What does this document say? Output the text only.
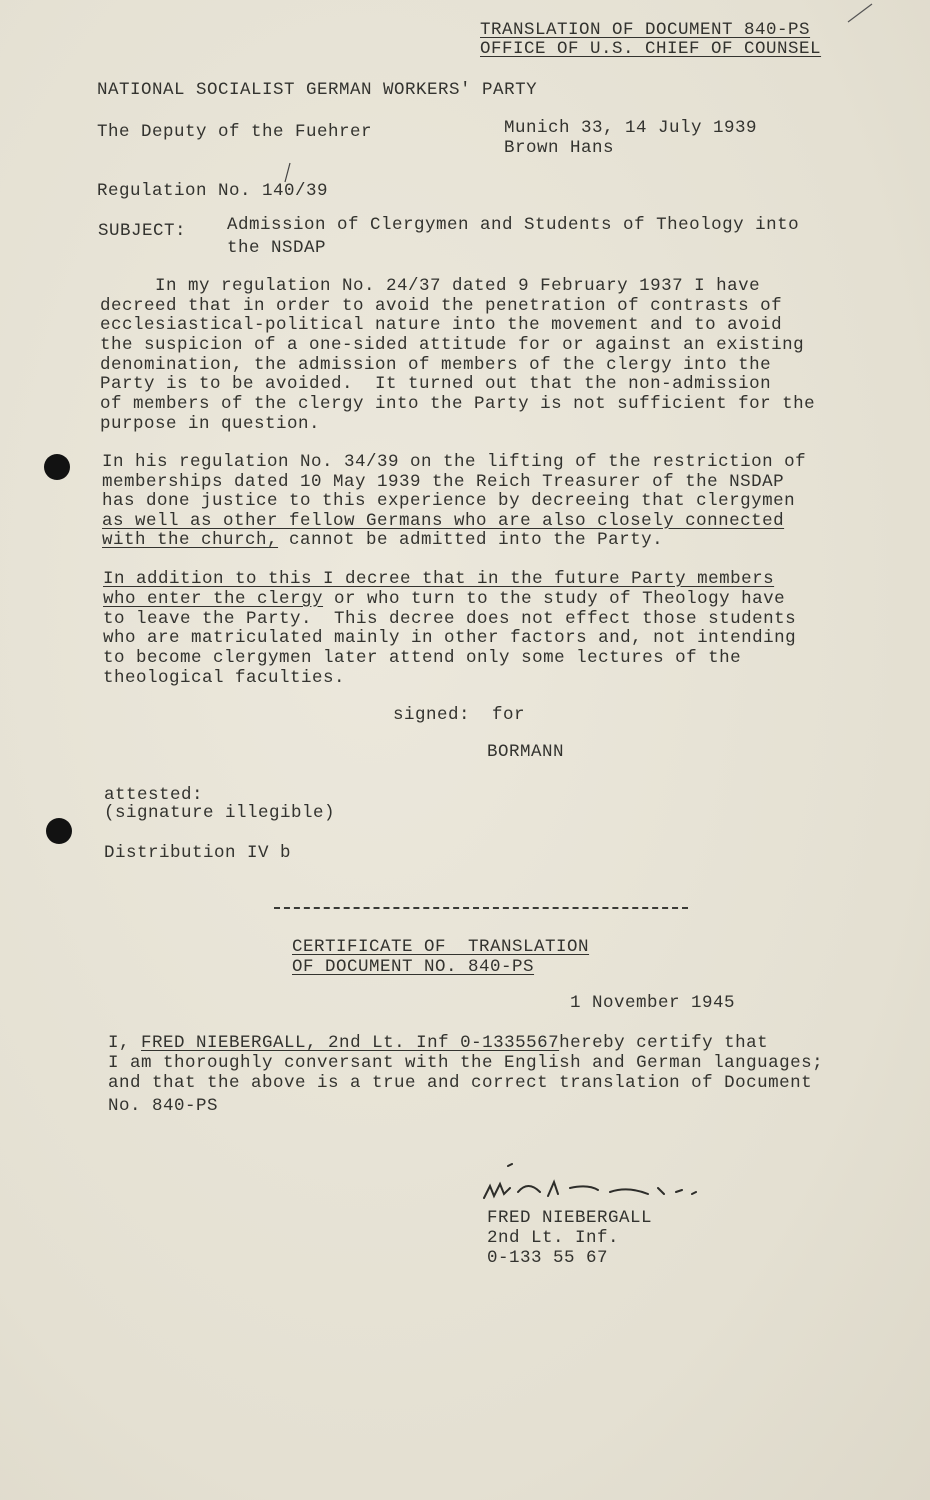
TRANSLATION OF DOCUMENT 840-PS
OFFICE OF U.S. CHIEF OF COUNSEL
NATIONAL SOCIALIST GERMAN WORKERS' PARTY
The Deputy of the Fuehrer	Munich 33, 14 July 1939
Brown Hans
Regulation No. 140/39
SUBJECT: Admission of Clergymen and Students of Theology into
the NSDAP
In my regulation No. 24/37 dated 9 February 1937 I have
decreed that in order to avoid the penetration of contrasts of
ecclesiastical-political nature into the movement and to avoid
the suspicion of a one-sided attitude for or against an existing
denomination, the admission of members of the clergy into the
Party is to be avoided.  It turned out that the non-admission
of members of the clergy into the Party is not sufficient for the
purpose in question.
In his regulation No. 34/39 on the lifting of the restriction of
memberships dated 10 May 1939 the Reich Treasurer of the NSDAP
has done justice to this experience by decreeing that clergymen
as well as other fellow Germans who are also closely connected
with the church, cannot be admitted into the Party.
In addition to this I decree that in the future Party members
who enter the clergy or who turn to the study of Theology have
to leave the Party.  This decree does not effect those students
who are matriculated mainly in other factors and, not intending
to become clergymen later attend only some lectures of the
theological faculties.
signed:  for
BORMANN
attested:
(signature illegible)
Distribution IV b
CERTIFICATE OF  TRANSLATION
OF DOCUMENT NO. 840-PS
1 November 1945
I, FRED NIEBERGALL, 2nd Lt. Inf 0-1335567hereby certify that
I am thoroughly conversant with the English and German languages;
and that the above is a true and correct translation of Document
No. 840-PS
FRED NIEBERGALL
2nd Lt. Inf.
0-133 55 67
